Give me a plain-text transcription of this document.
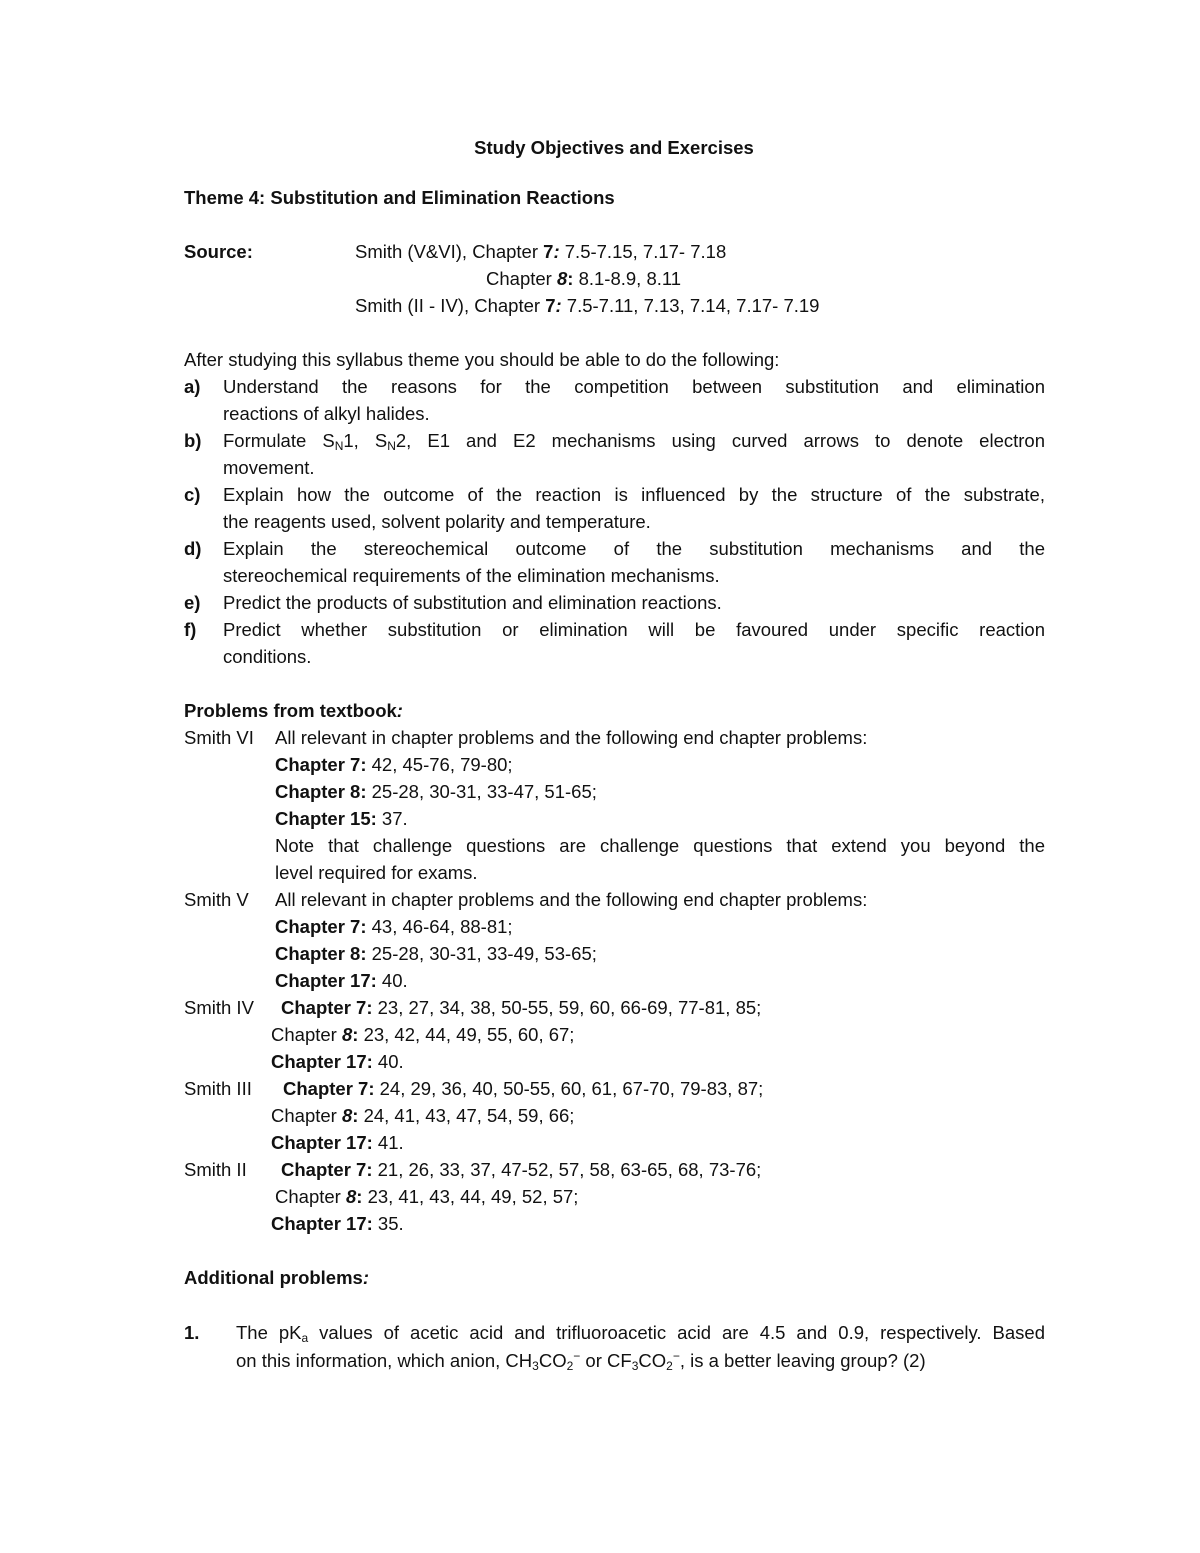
Study Objectives and Exercises
Theme 4: Substitution and Elimination Reactions
Source:	Smith (V&VI), Chapter 7: 7.5-7.15, 7.17- 7.18
Chapter 8: 8.1-8.9, 8.11
Smith (II - IV), Chapter 7: 7.5-7.11, 7.13, 7.14, 7.17- 7.19
After studying this syllabus theme you should be able to do the following:
a) Understand the reasons for the competition between substitution and elimination
reactions of alkyl halides.
b) Formulate $S_N1$, $S_N2$, E1 and E2 mechanisms using curved arrows to denote electron
movement.
c) Explain how the outcome of the reaction is influenced by the structure of the substrate,
the reagents used, solvent polarity and temperature.
d) Explain the stereochemical outcome of the substitution mechanisms and the
stereochemical requirements of the elimination mechanisms.
e) Predict the products of substitution and elimination reactions.
f) Predict whether substitution or elimination will be favoured under specific reaction
conditions.
Problems from textbook:
Smith VI All relevant in chapter problems and the following end chapter problems:
Chapter 7: 42, 45-76, 79-80;
Chapter 8: 25-28, 30-31, 33-47, 51-65;
Chapter 15: 37.
Note that challenge questions are challenge questions that extend you beyond the
level required for exams.
Smith V All relevant in chapter problems and the following end chapter problems:
Chapter 7: 43, 46-64, 88-81;
Chapter 8: 25-28, 30-31, 33-49, 53-65;
Chapter 17: 40.
Smith IV Chapter 7: 23, 27, 34, 38, 50-55, 59, 60, 66-69, 77-81, 85;
Chapter 8: 23, 42, 44, 49, 55, 60, 67;
Chapter 17: 40.
Smith III Chapter 7: 24, 29, 36, 40, 50-55, 60, 61, 67-70, 79-83, 87;
Chapter 8: 24, 41, 43, 47, 54, 59, 66;
Chapter 17: 41.
Smith II Chapter 7: 21, 26, 33, 37, 47-52, 57, 58, 63-65, 68, 73-76;
Chapter 8: 23, 41, 43, 44, 49, 52, 57;
Chapter 17: 35.
Additional problems:
1. The $pK_a$ values of acetic acid and trifluoroacetic acid are 4.5 and 0.9, respectively. Based
on this information, which anion, $CH_3CO_2^-$ or $CF_3CO_2^-$, is a better leaving group? (2)
